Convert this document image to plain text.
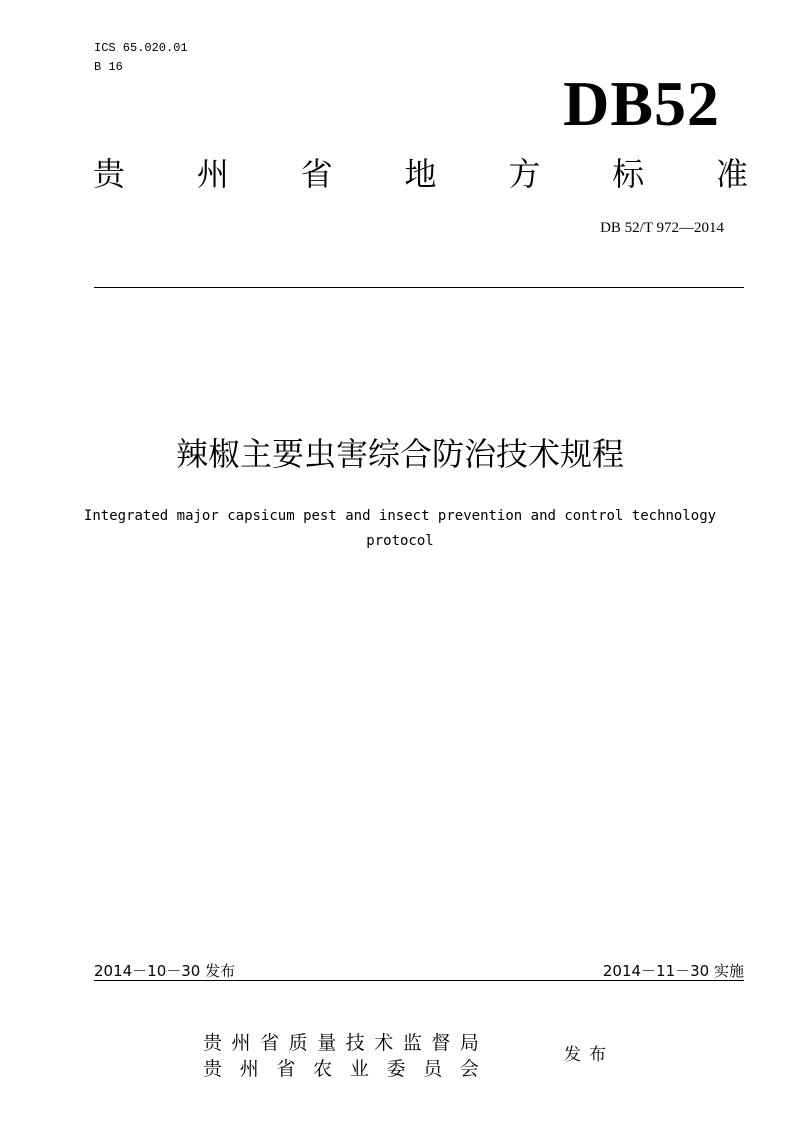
ICS 65.020.01
B 16
DB52
贵 州 省 地 方 标 准
DB 52/T 972—2014
辣椒主要虫害综合防治技术规程
Integrated major capsicum pest and insect prevention and control technology protocol
2014－10－30 发布	2014－11－30 实施
贵 州 省 质 量 技 术 监 督 局
贵 州 省 农 业 委 员 会
发布
